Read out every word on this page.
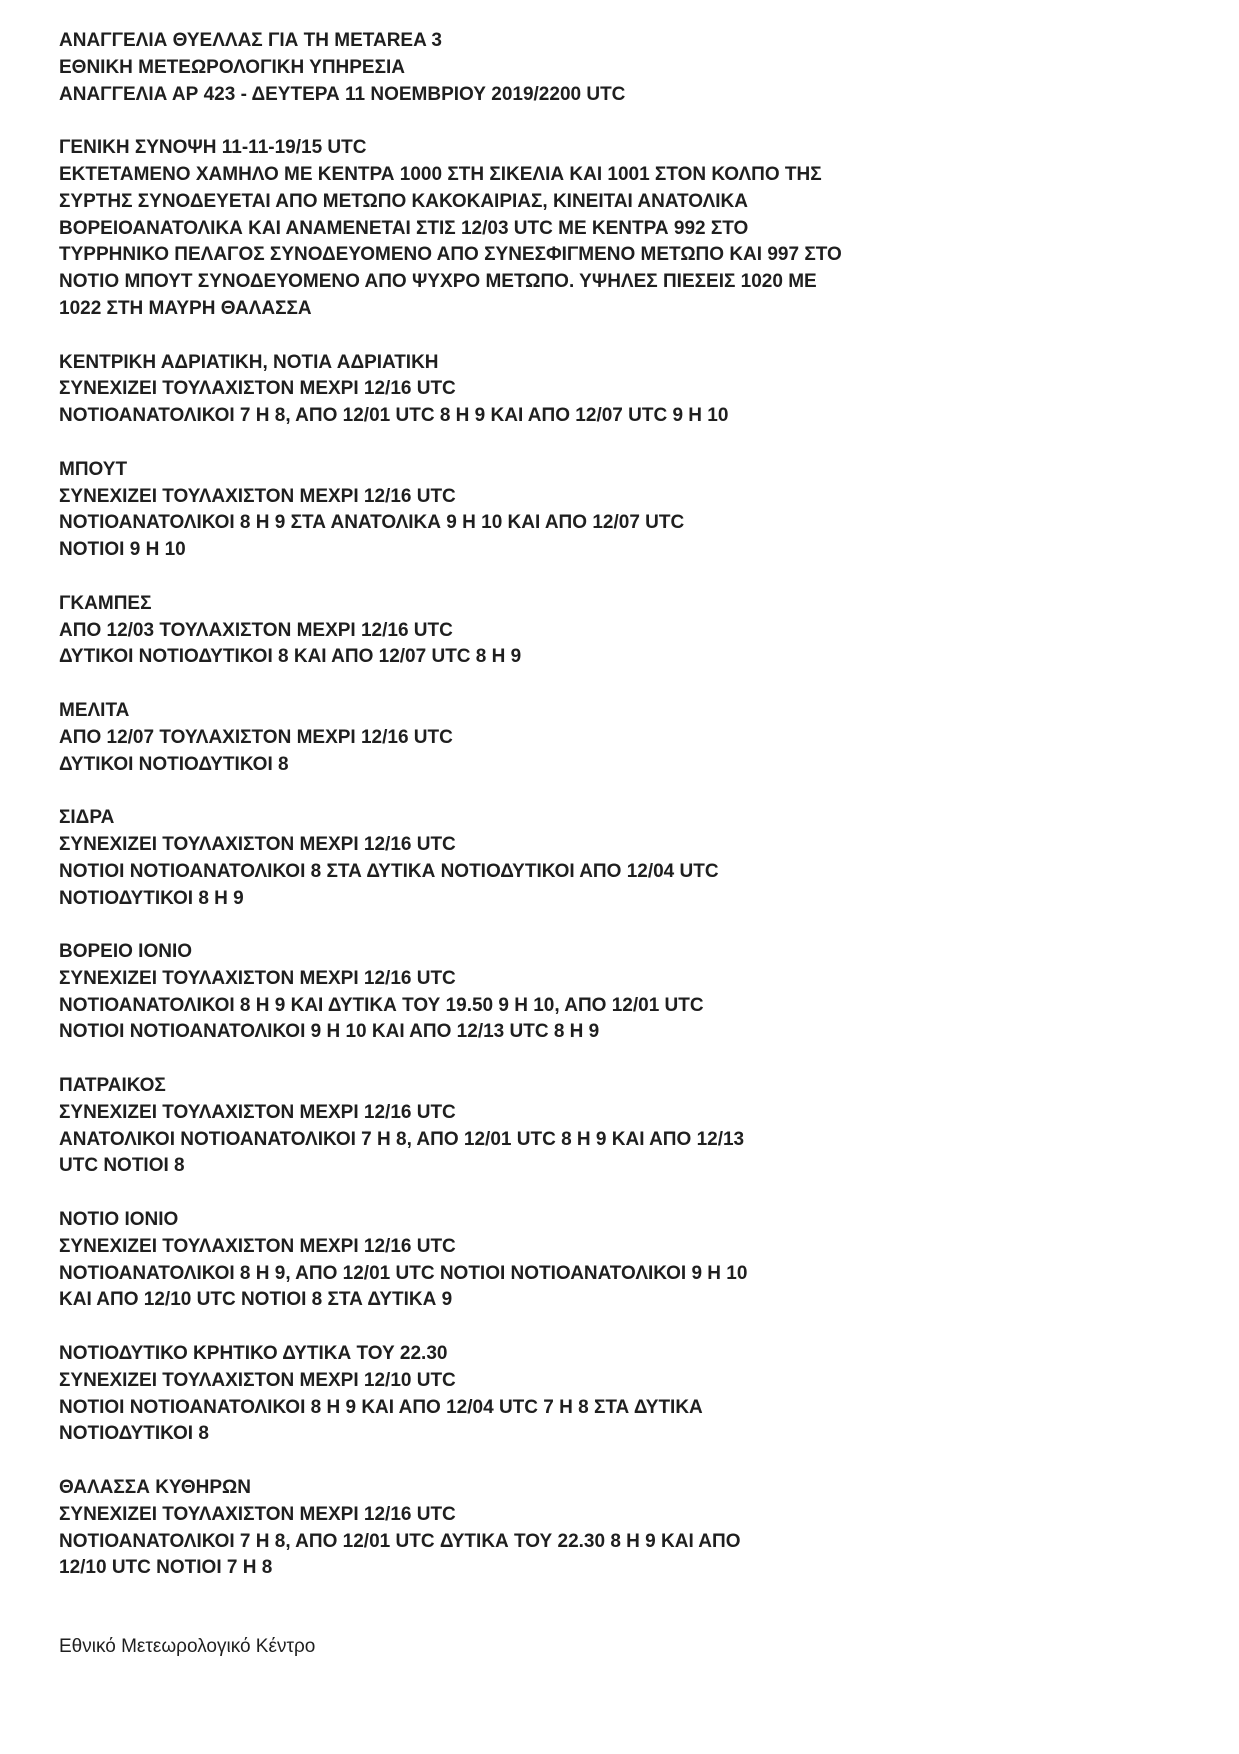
ΑΝΑΓΓΕΛΙΑ ΘΥΕΛΛΑΣ ΓΙΑ ΤΗ METAREA 3
ΕΘΝΙΚΗ ΜΕΤΕΩΡΟΛΟΓΙΚΗ ΥΠΗΡΕΣΙΑ
ΑΝΑΓΓΕΛΙΑ ΑΡ 423 - ΔΕΥΤΕΡΑ 11 ΝΟΕΜΒΡΙΟΥ 2019/2200 UTC
ΓΕΝΙΚΗ ΣΥΝΟΨΗ 11-11-19/15 UTC
ΕΚΤΕΤΑΜΕΝΟ ΧΑΜΗΛΟ ΜΕ ΚΕΝΤΡΑ 1000 ΣΤΗ ΣΙΚΕΛΙΑ ΚΑΙ 1001 ΣΤΟΝ ΚΟΛΠΟ ΤΗΣ
ΣΥΡΤΗΣ ΣΥΝΟΔΕΥΕΤΑΙ ΑΠΟ ΜΕΤΩΠΟ ΚΑΚΟΚΑΙΡΙΑΣ, ΚΙΝΕΙΤΑΙ ΑΝΑΤΟΛΙΚΑ
ΒΟΡΕΙΟΑΝΑΤΟΛΙΚΑ ΚΑΙ ΑΝΑΜΕΝΕΤΑΙ ΣΤΙΣ 12/03 UTC ΜΕ ΚΕΝΤΡΑ 992 ΣΤΟ
ΤΥΡΡΗΝΙΚΟ ΠΕΛΑΓΟΣ ΣΥΝΟΔΕΥΟΜΕΝΟ ΑΠΟ ΣΥΝΕΣΦΙΓΜΕΝΟ ΜΕΤΩΠΟ ΚΑΙ 997 ΣΤΟ
ΝΟΤΙΟ ΜΠΟΥΤ ΣΥΝΟΔΕΥΟΜΕΝΟ ΑΠΟ ΨΥΧΡΟ ΜΕΤΩΠΟ. ΥΨΗΛΕΣ ΠΙΕΣΕΙΣ 1020 ΜΕ
1022 ΣΤΗ ΜΑΥΡΗ ΘΑΛΑΣΣΑ
ΚΕΝΤΡΙΚΗ ΑΔΡΙΑΤΙΚΗ, ΝΟΤΙΑ ΑΔΡΙΑΤΙΚΗ
ΣΥΝΕΧΙΖΕΙ ΤΟΥΛΑΧΙΣΤΟΝ ΜΕΧΡΙ 12/16 UTC
ΝΟΤΙΟΑΝΑΤΟΛΙΚΟΙ 7 Η 8, ΑΠΟ 12/01 UTC 8 Η 9 ΚΑΙ ΑΠΟ 12/07 UTC 9 Η 10
ΜΠΟΥΤ
ΣΥΝΕΧΙΖΕΙ ΤΟΥΛΑΧΙΣΤΟΝ ΜΕΧΡΙ 12/16 UTC
ΝΟΤΙΟΑΝΑΤΟΛΙΚΟΙ 8 Η 9 ΣΤΑ ΑΝΑΤΟΛΙΚΑ 9 Η 10 ΚΑΙ ΑΠΟ 12/07 UTC
ΝΟΤΙΟΙ 9 Η 10
ΓΚΑΜΠΕΣ
ΑΠΟ 12/03 ΤΟΥΛΑΧΙΣΤΟΝ ΜΕΧΡΙ 12/16 UTC
ΔΥΤΙΚΟΙ ΝΟΤΙΟΔΥΤΙΚΟΙ 8 ΚΑΙ ΑΠΟ 12/07 UTC 8 Η 9
ΜΕΛΙΤΑ
ΑΠΟ 12/07 ΤΟΥΛΑΧΙΣΤΟΝ ΜΕΧΡΙ 12/16 UTC
ΔΥΤΙΚΟΙ ΝΟΤΙΟΔΥΤΙΚΟΙ 8
ΣΙΔΡΑ
ΣΥΝΕΧΙΖΕΙ ΤΟΥΛΑΧΙΣΤΟΝ ΜΕΧΡΙ 12/16 UTC
ΝΟΤΙΟΙ ΝΟΤΙΟΑΝΑΤΟΛΙΚΟΙ 8 ΣΤΑ ΔΥΤΙΚΑ ΝΟΤΙΟΔΥΤΙΚΟΙ ΑΠΟ 12/04 UTC
ΝΟΤΙΟΔΥΤΙΚΟΙ 8 Η 9
ΒΟΡΕΙΟ ΙΟΝΙΟ
ΣΥΝΕΧΙΖΕΙ ΤΟΥΛΑΧΙΣΤΟΝ ΜΕΧΡΙ 12/16 UTC
ΝΟΤΙΟΑΝΑΤΟΛΙΚΟΙ 8 Η 9 ΚΑΙ ΔΥΤΙΚΑ ΤΟΥ 19.50 9 Η 10, ΑΠΟ 12/01 UTC
ΝΟΤΙΟΙ ΝΟΤΙΟΑΝΑΤΟΛΙΚΟΙ 9 Η 10 ΚΑΙ ΑΠΟ 12/13 UTC 8 Η 9
ΠΑΤΡΑΙΚΟΣ
ΣΥΝΕΧΙΖΕΙ ΤΟΥΛΑΧΙΣΤΟΝ ΜΕΧΡΙ 12/16 UTC
ΑΝΑΤΟΛΙΚΟΙ ΝΟΤΙΟΑΝΑΤΟΛΙΚΟΙ 7 Η 8, ΑΠΟ 12/01 UTC 8 Η 9 ΚΑΙ ΑΠΟ 12/13
UTC ΝΟΤΙΟΙ 8
ΝΟΤΙΟ ΙΟΝΙΟ
ΣΥΝΕΧΙΖΕΙ ΤΟΥΛΑΧΙΣΤΟΝ ΜΕΧΡΙ 12/16 UTC
ΝΟΤΙΟΑΝΑΤΟΛΙΚΟΙ 8 Η 9, ΑΠΟ 12/01 UTC ΝΟΤΙΟΙ ΝΟΤΙΟΑΝΑΤΟΛΙΚΟΙ 9 Η 10
ΚΑΙ ΑΠΟ 12/10 UTC ΝΟΤΙΟΙ 8 ΣΤΑ ΔΥΤΙΚΑ 9
ΝΟΤΙΟΔΥΤΙΚΟ ΚΡΗΤΙΚΟ ΔΥΤΙΚΑ ΤΟΥ 22.30
ΣΥΝΕΧΙΖΕΙ ΤΟΥΛΑΧΙΣΤΟΝ ΜΕΧΡΙ 12/10 UTC
ΝΟΤΙΟΙ ΝΟΤΙΟΑΝΑΤΟΛΙΚΟΙ 8 Η 9 ΚΑΙ ΑΠΟ 12/04 UTC 7 Η 8 ΣΤΑ ΔΥΤΙΚΑ
ΝΟΤΙΟΔΥΤΙΚΟΙ 8
ΘΑΛΑΣΣΑ ΚΥΘΗΡΩΝ
ΣΥΝΕΧΙΖΕΙ ΤΟΥΛΑΧΙΣΤΟΝ ΜΕΧΡΙ 12/16 UTC
ΝΟΤΙΟΑΝΑΤΟΛΙΚΟΙ 7 Η 8, ΑΠΟ 12/01 UTC ΔΥΤΙΚΑ ΤΟΥ 22.30 8 Η 9 ΚΑΙ ΑΠΟ
12/10 UTC ΝΟΤΙΟΙ 7 Η 8
Εθνικό Μετεωρολογικό Κέντρο
